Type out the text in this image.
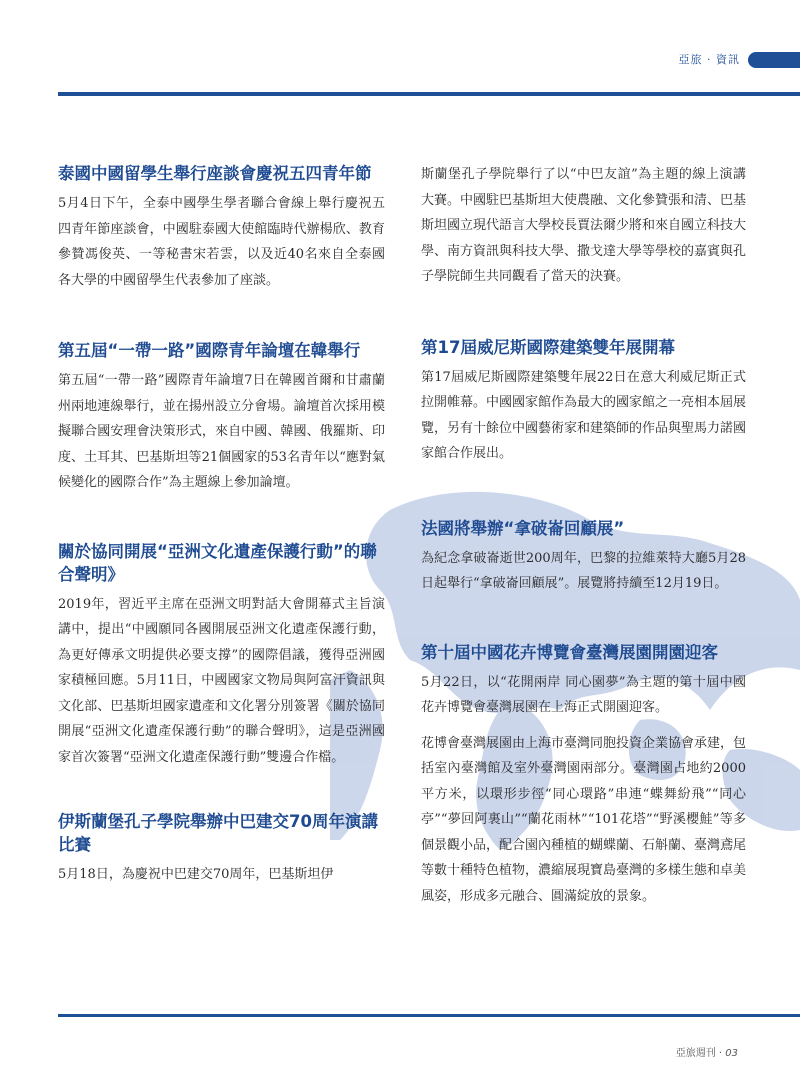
亞旅 · 資訊
泰國中國留學生舉行座談會慶祝五四青年節

5月4日下午，全泰中國學生學者聯合會線上舉行慶祝五四青年節座談會，中國駐泰國大使館臨時代辦楊欣、教育參贊馮俊英、一等秘書宋若雲，以及近40名來自全泰國各大學的中國留學生代表參加了座談。

第五屆“一帶一路”國際青年論壇在韓舉行

第五屆“一帶一路”國際青年論壇7日在韓國首爾和甘肅蘭州兩地連線舉行，並在揚州設立分會場。論壇首次採用模擬聯合國安理會決策形式，來自中國、韓國、俄羅斯、印度、土耳其、巴基斯坦等21個國家的53名青年以“應對氣候變化的國際合作”為主題線上參加論壇。

關於協同開展“亞洲文化遺產保護行動”的聯合聲明》

2019年，習近平主席在亞洲文明對話大會開幕式主旨演講中，提出“中國願同各國開展亞洲文化遺產保護行動，為更好傳承文明提供必要支撐”的國際倡議，獲得亞洲國家積極回應。5月11日，中國國家文物局與阿富汗資訊與文化部、巴基斯坦國家遺產和文化署分別簽署《關於協同開展“亞洲文化遺產保護行動”的聯合聲明》，這是亞洲國家首次簽署“亞洲文化遺產保護行動”雙邊合作檔。

伊斯蘭堡孔子學院舉辦中巴建交70周年演講比賽

5月18日，為慶祝中巴建交70周年，巴基斯坦伊

斯蘭堡孔子學院舉行了以“中巴友誼”為主題的線上演講大賽。中國駐巴基斯坦大使農融、文化參贊張和清、巴基斯坦國立現代語言大學校長賈法爾少將和來自國立科技大學、南方資訊與科技大學、撒戈達大學等學校的嘉賓與孔子學院師生共同觀看了當天的決賽。

第17屆威尼斯國際建築雙年展開幕

第17屆威尼斯國際建築雙年展22日在意大利威尼斯正式拉開帷幕。中國國家館作為最大的國家館之一亮相本屆展覽，另有十餘位中國藝術家和建築師的作品與聖馬力諾國家館合作展出。

法國將舉辦“拿破崙回顧展”

為紀念拿破崙逝世200周年，巴黎的拉維萊特大廳5月28日起舉行“拿破崙回顧展”。展覽將持續至12月19日。

第十屆中國花卉博覽會臺灣展園開園迎客

5月22日，以“花開兩岸 同心園夢”為主題的第十屆中國花卉博覽會臺灣展園在上海正式開園迎客。

花博會臺灣展園由上海市臺灣同胞投資企業協會承建，包括室內臺灣館及室外臺灣園兩部分。臺灣園占地約2000平方米，以環形步徑“同心環路”串連“蝶舞紛飛”“同心亭”“夢回阿裏山”“蘭花雨林”“101花塔”“野溪櫻鮭”等多個景觀小品，配合園內種植的蝴蝶蘭、石斛蘭、臺灣鳶尾等數十種特色植物，濃縮展現寶島臺灣的多樣生態和卓美風姿，形成多元融合、圓滿綻放的景象。

亞旅週刊 · 03
